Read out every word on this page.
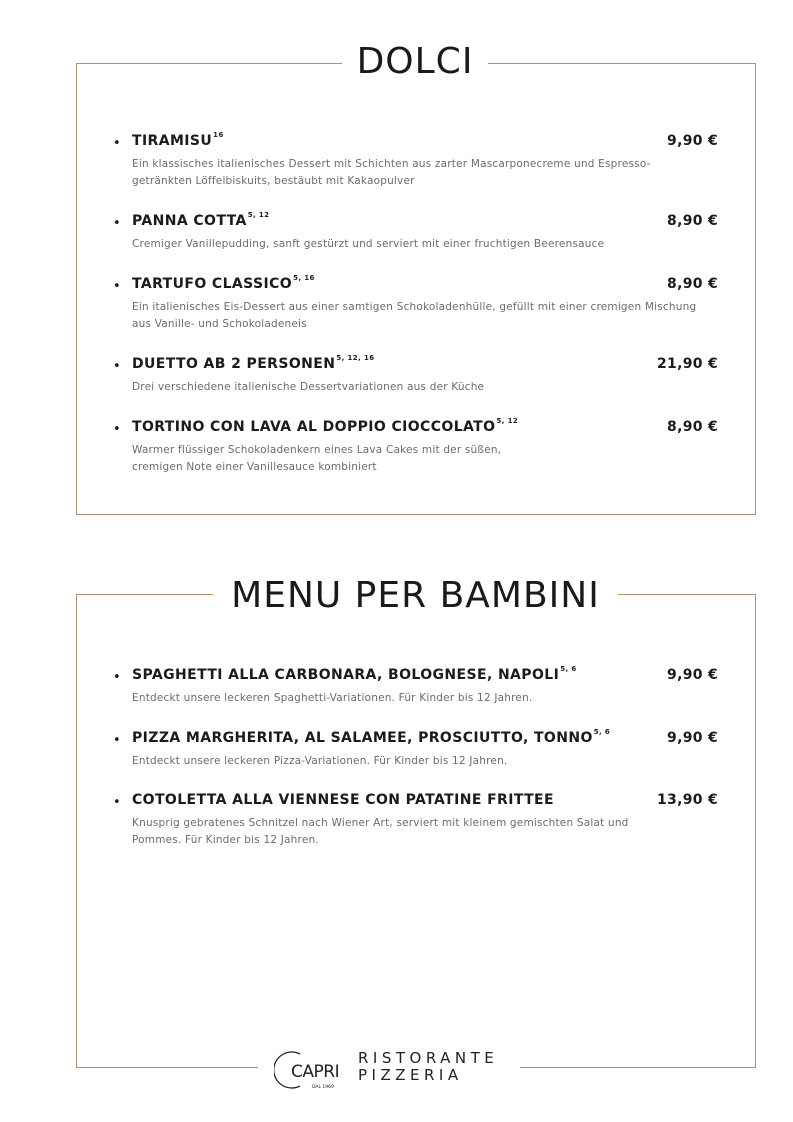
DOLCI
• TIRAMISU$^{16}$	9,90 €
Ein klassisches italienisches Dessert mit Schichten aus zarter Mascarponecreme und Espresso-getränkten Löffelbiskuits, bestäubt mit Kakaopulver
• PANNA COTTA$^{5, 12}$	8,90 €
Cremiger Vanillepudding, sanft gestürzt und serviert mit einer fruchtigen Beerensauce
• TARTUFO CLASSICO$^{5, 16}$	8,90 €
Ein italienisches Eis-Dessert aus einer samtigen Schokoladenhülle, gefüllt mit einer cremigen Mischung aus Vanille- und Schokoladeneis
• DUETTO AB 2 PERSONEN$^{5, 12, 16}$	21,90 €
Drei verschiedene italienische Dessertvariationen aus der Küche
• TORTINO CON LAVA AL DOPPIO CIOCCOLATO$^{5, 12}$	8,90 €
Warmer flüssiger Schokoladenkern eines Lava Cakes mit der süßen, cremigen Note einer Vanillesauce kombiniert
MENU PER BAMBINI
• SPAGHETTI ALLA CARBONARA, BOLOGNESE, NAPOLI$^{5, 6}$	9,90 €
Entdeckt unsere leckeren Spaghetti-Variationen. Für Kinder bis 12 Jahren.
• PIZZA MARGHERITA, AL SALAMEE, PROSCIUTTO, TONNO$^{5, 6}$	9,90 €
Entdeckt unsere leckeren Pizza-Variationen. Für Kinder bis 12 Jahren.
• COTOLETTA ALLA VIENNESE CON PATATINE FRITTEE	13,90 €
Knusprig gebratenes Schnitzel nach Wiener Art, serviert mit kleinem gemischten Salat und Pommes. Für Kinder bis 12 Jahren.
CAPRI
DAL 1969
RISTORANTE
PIZZERIA
